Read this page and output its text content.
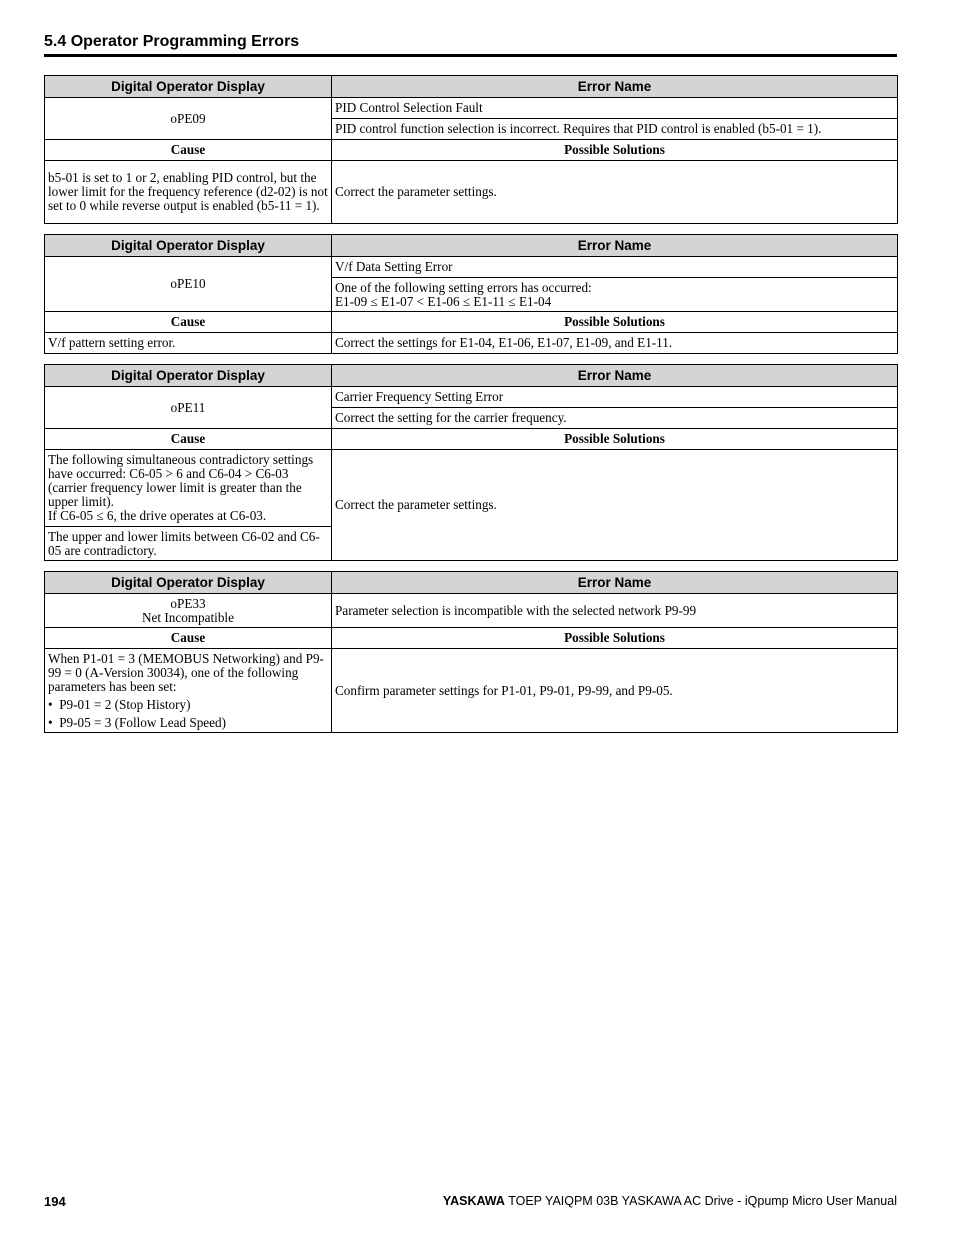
5.4 Operator Programming Errors
Digital Operator Display	Error Name
oPE09	PID Control Selection Fault
	PID control function selection is incorrect. Requires that PID control is enabled (b5-01 = 1).
Cause	Possible Solutions
b5-01 is set to 1 or 2, enabling PID control, but the lower limit for the frequency reference (d2-02) is not set to 0 while reverse output is enabled (b5-11 = 1).	Correct the parameter settings.
Digital Operator Display	Error Name
oPE10	V/f Data Setting Error

	One of the following setting errors has occurred:
E1-09 ≤ E1-07 < E1-06 ≤ E1-11 ≤ E1-04

Cause	Possible Solutions
V/f pattern setting error.	Correct the settings for E1-04, E1-06, E1-07, E1-09, and E1-11.
Digital Operator Display	Error Name
oPE11	Carrier Frequency Setting Error
	Correct the setting for the carrier frequency.
Cause	Possible Solutions

The following simultaneous contradictory settings have occurred: C6-05 > 6 and C6-04 > C6-03 (carrier frequency lower limit is greater than the upper limit).
If C6-05 ≤ 6, the drive operates at C6-03.	Correct the parameter settings.
The upper and lower limits between C6-02 and C6-05 are contradictory.	
Digital Operator Display	Error Name

oPE33
Net Incompatible	Parameter selection is incompatible with the selected network P9-99
Cause	Possible Solutions

When P1-01 = 3 (MEMOBUS Networking) and P9-99 = 0 (A-Version 30034), one of the following parameters has been set:
•  P9-01 = 2 (Stop History)
•  P9-05 = 3 (Follow Lead Speed)	Confirm parameter settings for P1-01, P9-01, P9-99, and P9-05.
194	YASKAWA TOEP YAIQPM 03B YASKAWA AC Drive - iQpump Micro User Manual
